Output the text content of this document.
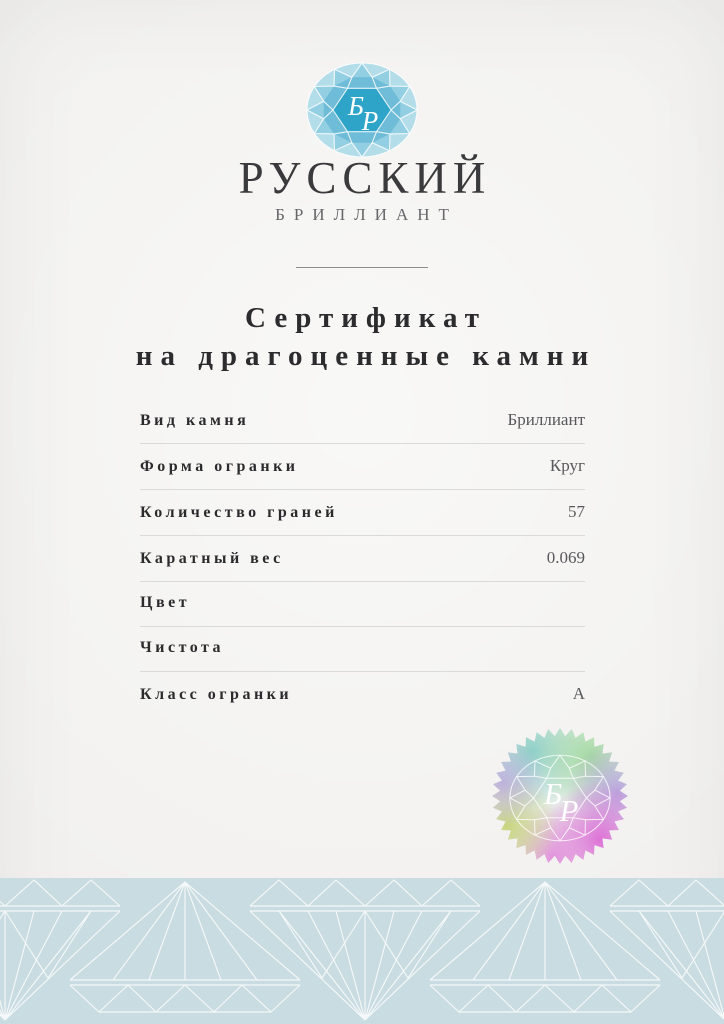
Б
Р
РУССКИЙ
БРИЛЛИАНТ
Сертификат
на драгоценные камни
Вид камня	Бриллиант
Форма огранки	Круг
Количество граней	57
Каратный вес	0.069
Цвет
Чистота
Класс огранки	А
Б
Р
